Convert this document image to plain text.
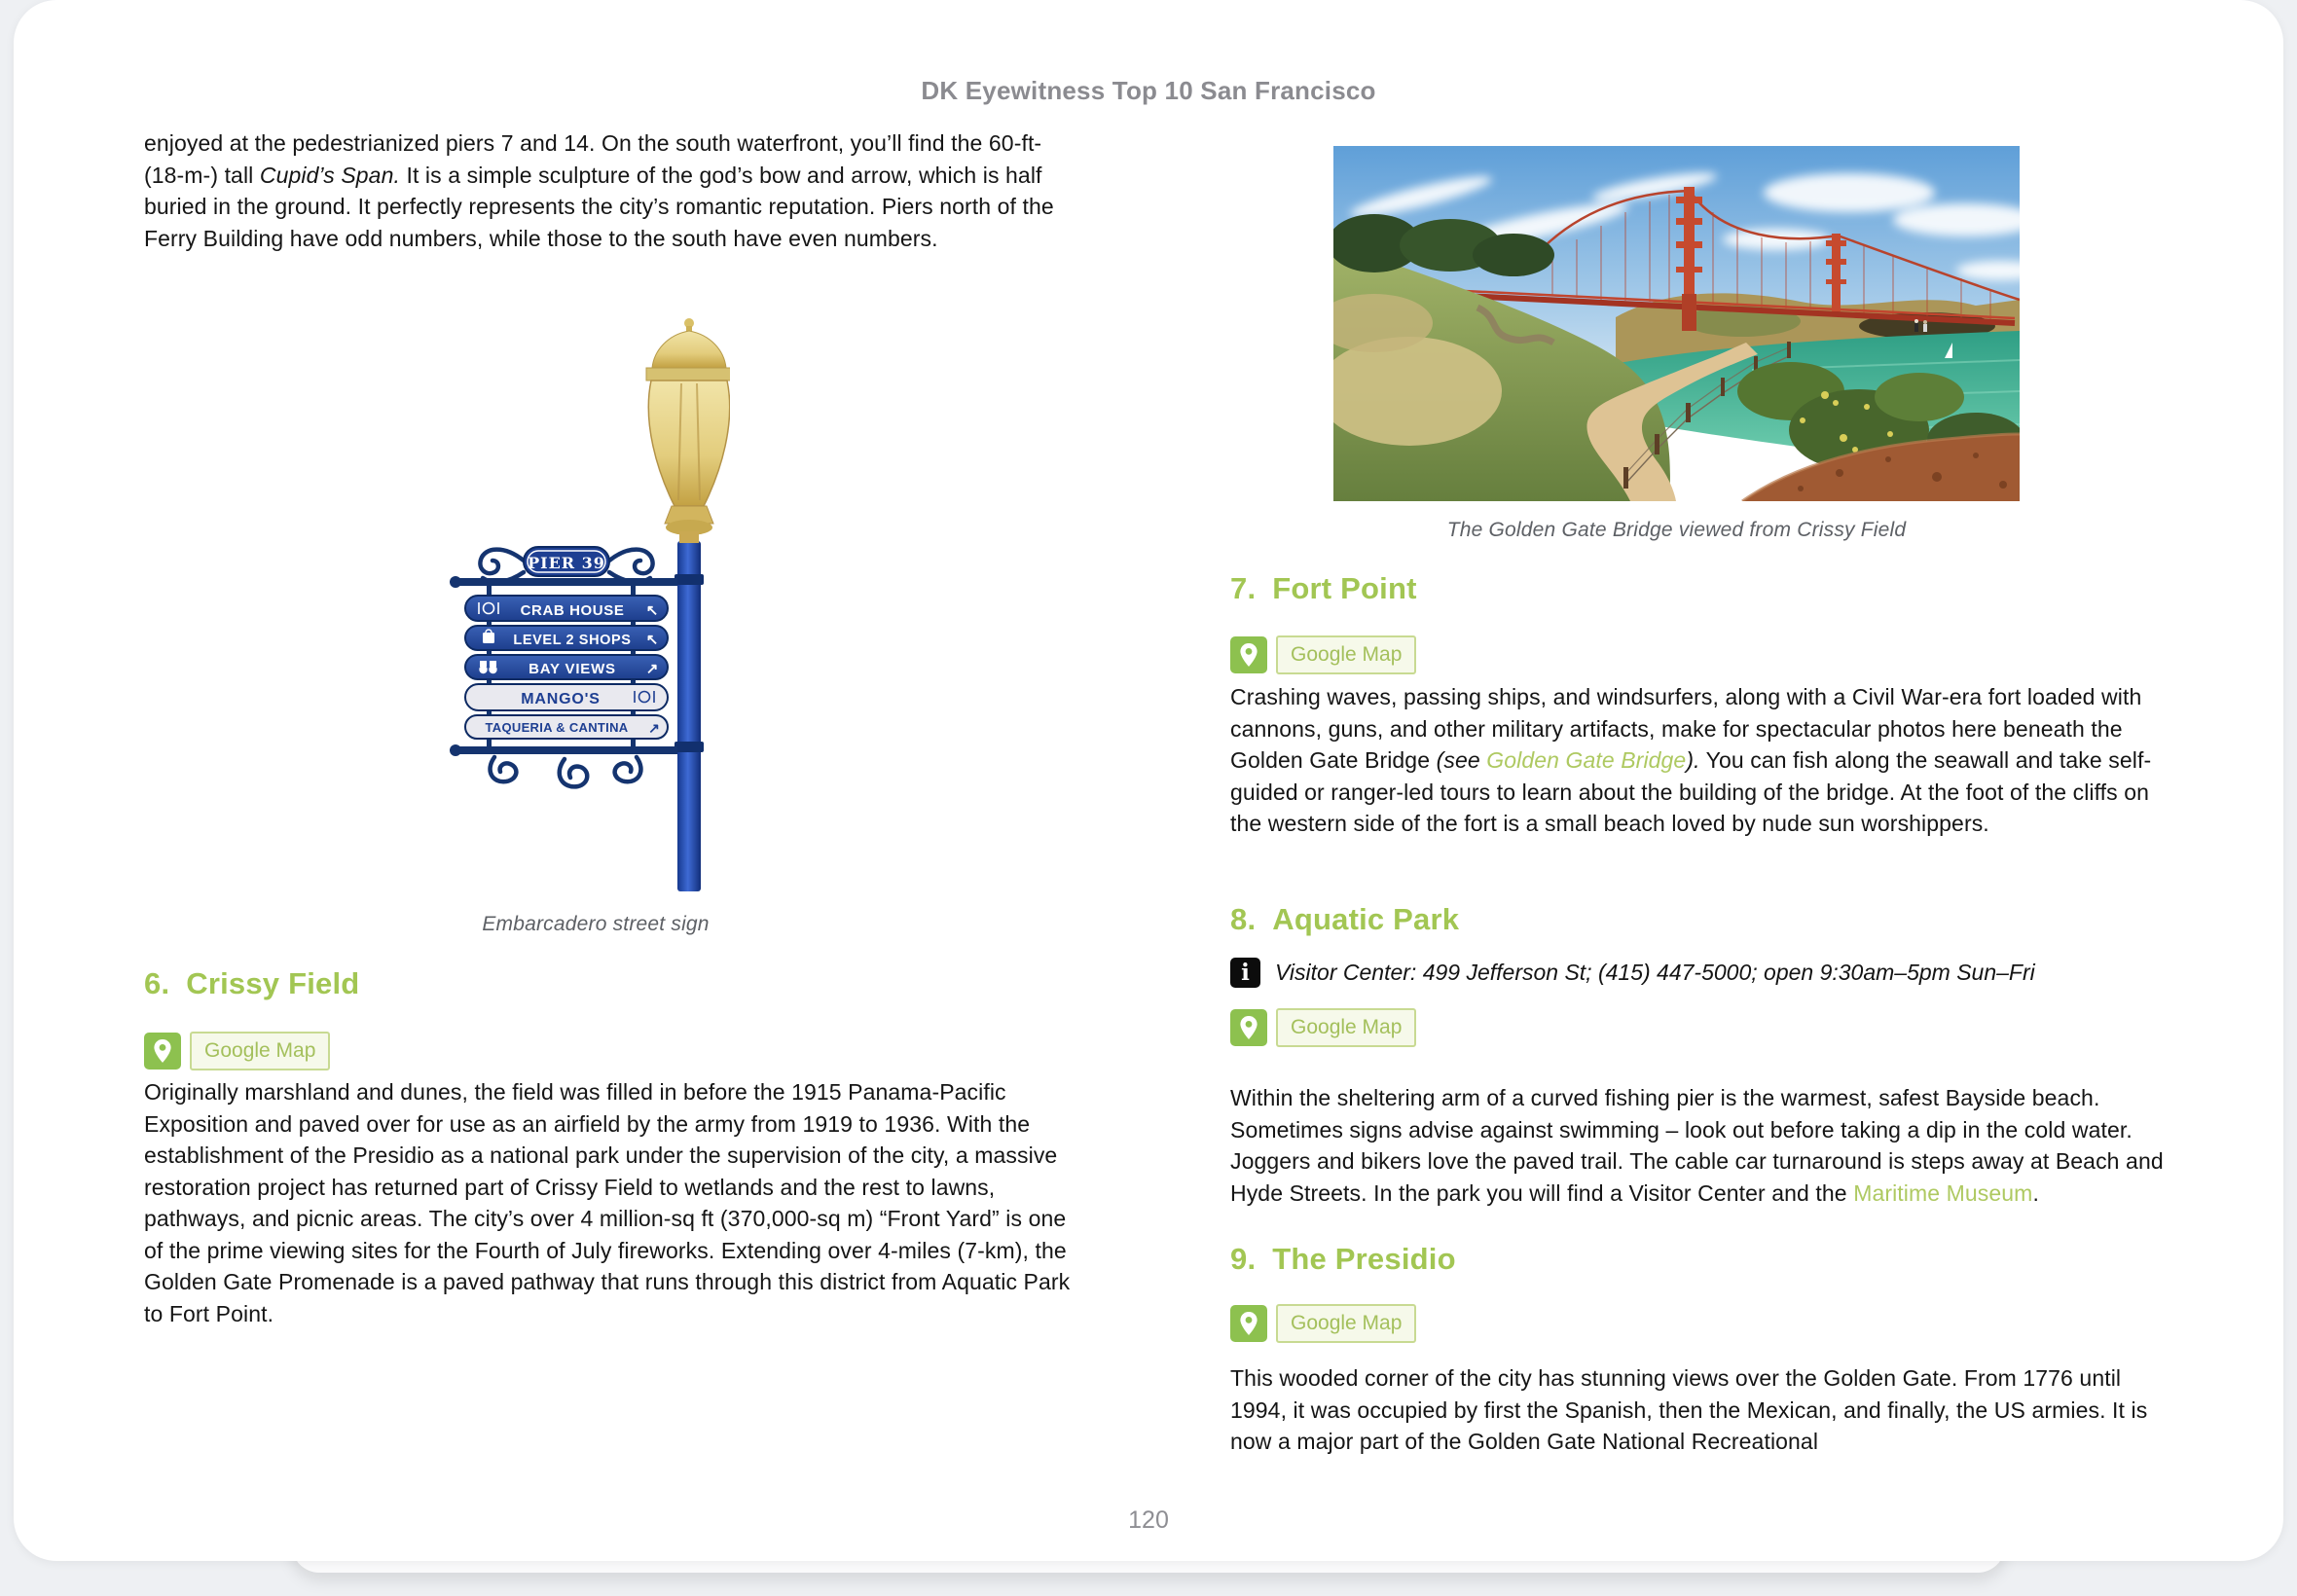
DK Eyewitness Top 10 San Francisco

enjoyed at the pedestrianized piers 7 and 14. On the south waterfront, you’ll find the 60-ft- (18-m-) tall Cupid’s Span. It is a simple sculpture of the god’s bow and arrow, which is half buried in the ground. It perfectly represents the city’s romantic reputation. Piers north of the Ferry Building have odd numbers, while those to the south have even numbers.

PIER 39
CRAB HOUSE ↖
LEVEL 2 SHOPS ↖
BAY VIEWS ↗
MANGO'S
TAQUERIA & CANTINA ↗
Embarcadero street sign
6. Crissy Field
Google Map

Originally marshland and dunes, the field was filled in before the 1915 Panama-Pacific Exposition and paved over for use as an airfield by the army from 1919 to 1936. With the establishment of the Presidio as a national park under the supervision of the city, a massive restoration project has returned part of Crissy Field to wetlands and the rest to lawns, pathways, and picnic areas. The city’s over 4 million-sq ft (370,000-sq m) “Front Yard” is one of the prime viewing sites for the Fourth of July fireworks. Extending over 4-miles (7-km), the Golden Gate Promenade is a paved pathway that runs through this district from Aquatic Park to Fort Point.

The Golden Gate Bridge viewed from Crissy Field
7. Fort Point
Google Map

Crashing waves, passing ships, and windsurfers, along with a Civil War-era fort loaded with cannons, guns, and other military artifacts, make for spectacular photos here beneath the Golden Gate Bridge (see Golden Gate Bridge). You can fish along the seawall and take self-guided or ranger-led tours to learn about the building of the bridge. At the foot of the cliffs on the western side of the fort is a small beach loved by nude sun worshippers.

8. Aquatic Park
i	Visitor Center: 499 Jefferson St; (415) 447-5000; open 9:30am–5pm Sun–Fri
Google Map

Within the sheltering arm of a curved fishing pier is the warmest, safest Bayside beach. Sometimes signs advise against swimming – look out before taking a dip in the cold water. Joggers and bikers love the paved trail. The cable car turnaround is steps away at Beach and Hyde Streets. In the park you will find a Visitor Center and the Maritime Museum.

9. The Presidio
Google Map

This wooded corner of the city has stunning views over the Golden Gate. From 1776 until 1994, it was occupied by first the Spanish, then the Mexican, and finally, the US armies. It is now a major part of the Golden Gate National Recreational

120
